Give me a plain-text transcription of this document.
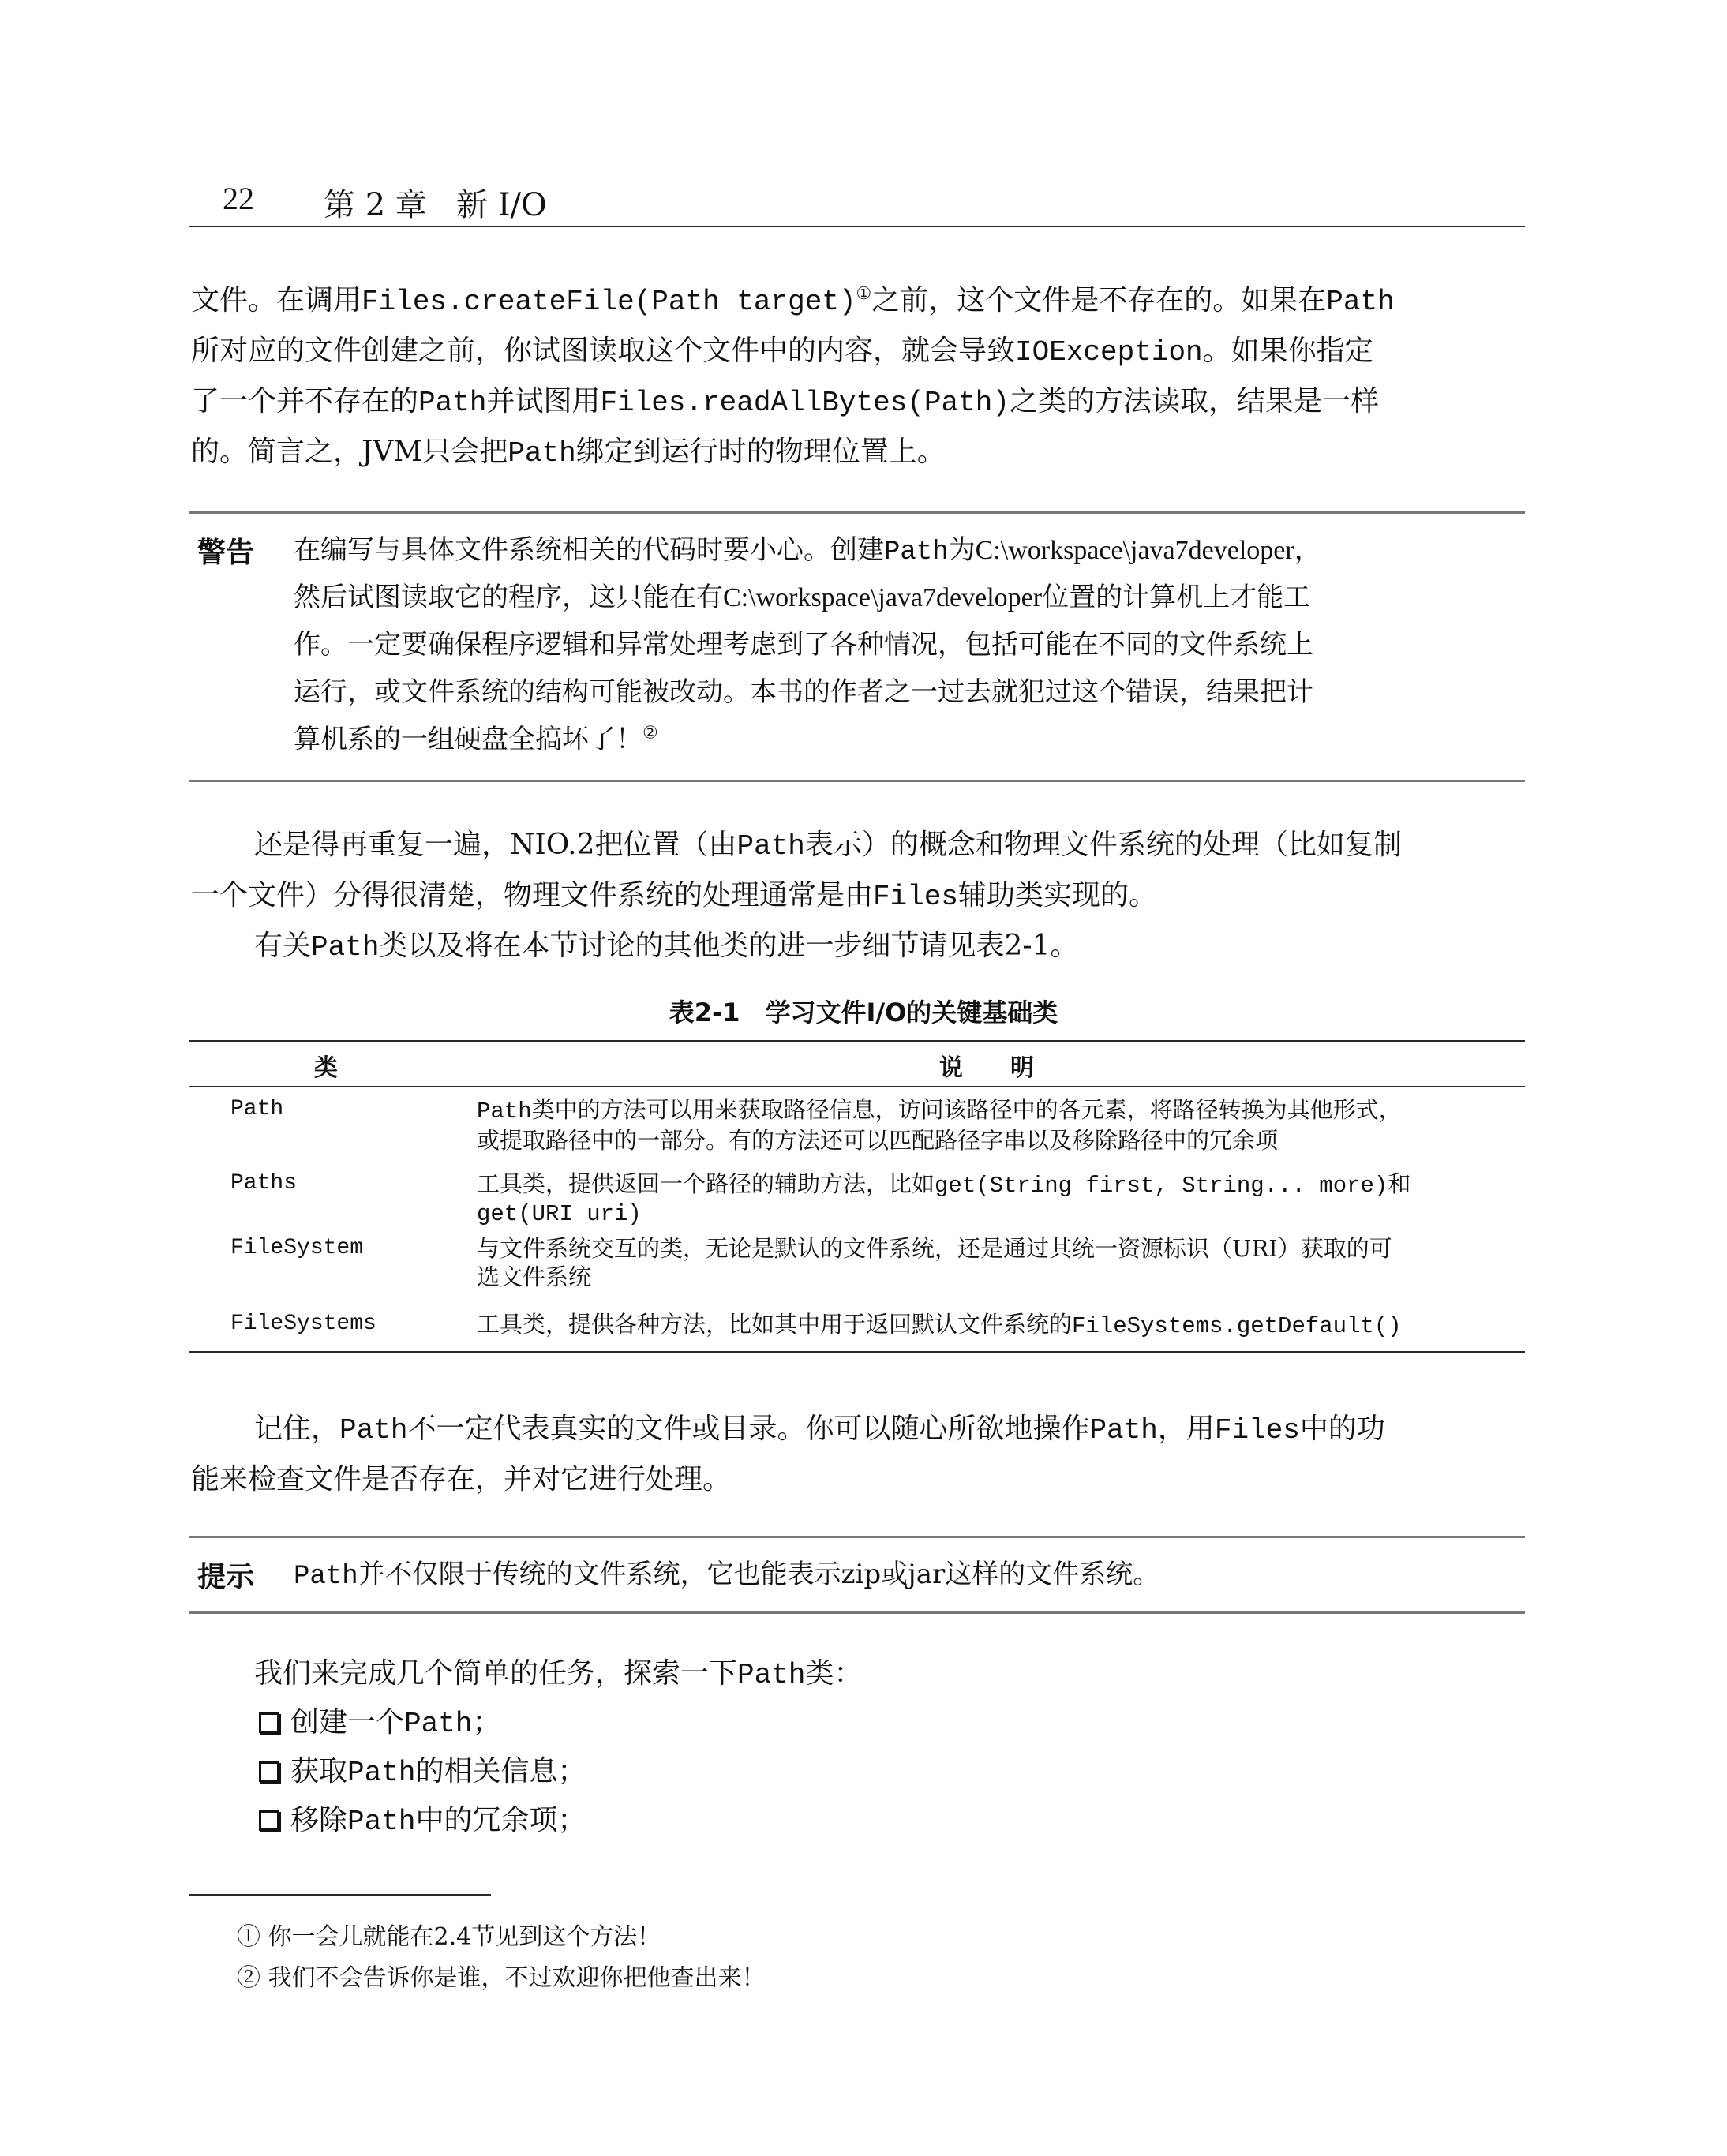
22 第 2 章 新 I/O
文件。在调用Files.createFile(Path target)①之前，这个文件是不存在的。如果在Path
所对应的文件创建之前，你试图读取这个文件中的内容，就会导致IOException。如果你指定
了一个并不存在的Path并试图用Files.readAllBytes(Path)之类的方法读取，结果是一样
的。简言之，JVM只会把Path绑定到运行时的物理位置上。
警告 在编写与具体文件系统相关的代码时要小心。创建Path为C:\workspace\java7developer，
然后试图读取它的程序，这只能在有C:\workspace\java7developer位置的计算机上才能工
作。一定要确保程序逻辑和异常处理考虑到了各种情况，包括可能在不同的文件系统上
运行，或文件系统的结构可能被改动。本书的作者之一过去就犯过这个错误，结果把计
算机系的一组硬盘全搞坏了！②
还是得再重复一遍，NIO.2把位置（由Path表示）的概念和物理文件系统的处理（比如复制
一个文件）分得很清楚，物理文件系统的处理通常是由Files辅助类实现的。
有关Path类以及将在本节讨论的其他类的进一步细节请见表2-1。
表2-1　学习文件I/O的关键基础类
类	说　　明
Path	Path类中的方法可以用来获取路径信息，访问该路径中的各元素，将路径转换为其他形式，
或提取路径中的一部分。有的方法还可以匹配路径字串以及移除路径中的冗余项
Paths	工具类，提供返回一个路径的辅助方法，比如get(String first, String... more)和
get(URI uri)
FileSystem	与文件系统交互的类，无论是默认的文件系统，还是通过其统一资源标识（URI）获取的可
选文件系统
FileSystems	工具类，提供各种方法，比如其中用于返回默认文件系统的FileSystems.getDefault()
记住，Path不一定代表真实的文件或目录。你可以随心所欲地操作Path，用Files中的功
能来检查文件是否存在，并对它进行处理。
提示 Path并不仅限于传统的文件系统，它也能表示zip或jar这样的文件系统。
我们来完成几个简单的任务，探索一下Path类：
创建一个Path；
获取Path的相关信息；
移除Path中的冗余项；
① 你一会儿就能在2.4节见到这个方法！
② 我们不会告诉你是谁，不过欢迎你把他查出来！
